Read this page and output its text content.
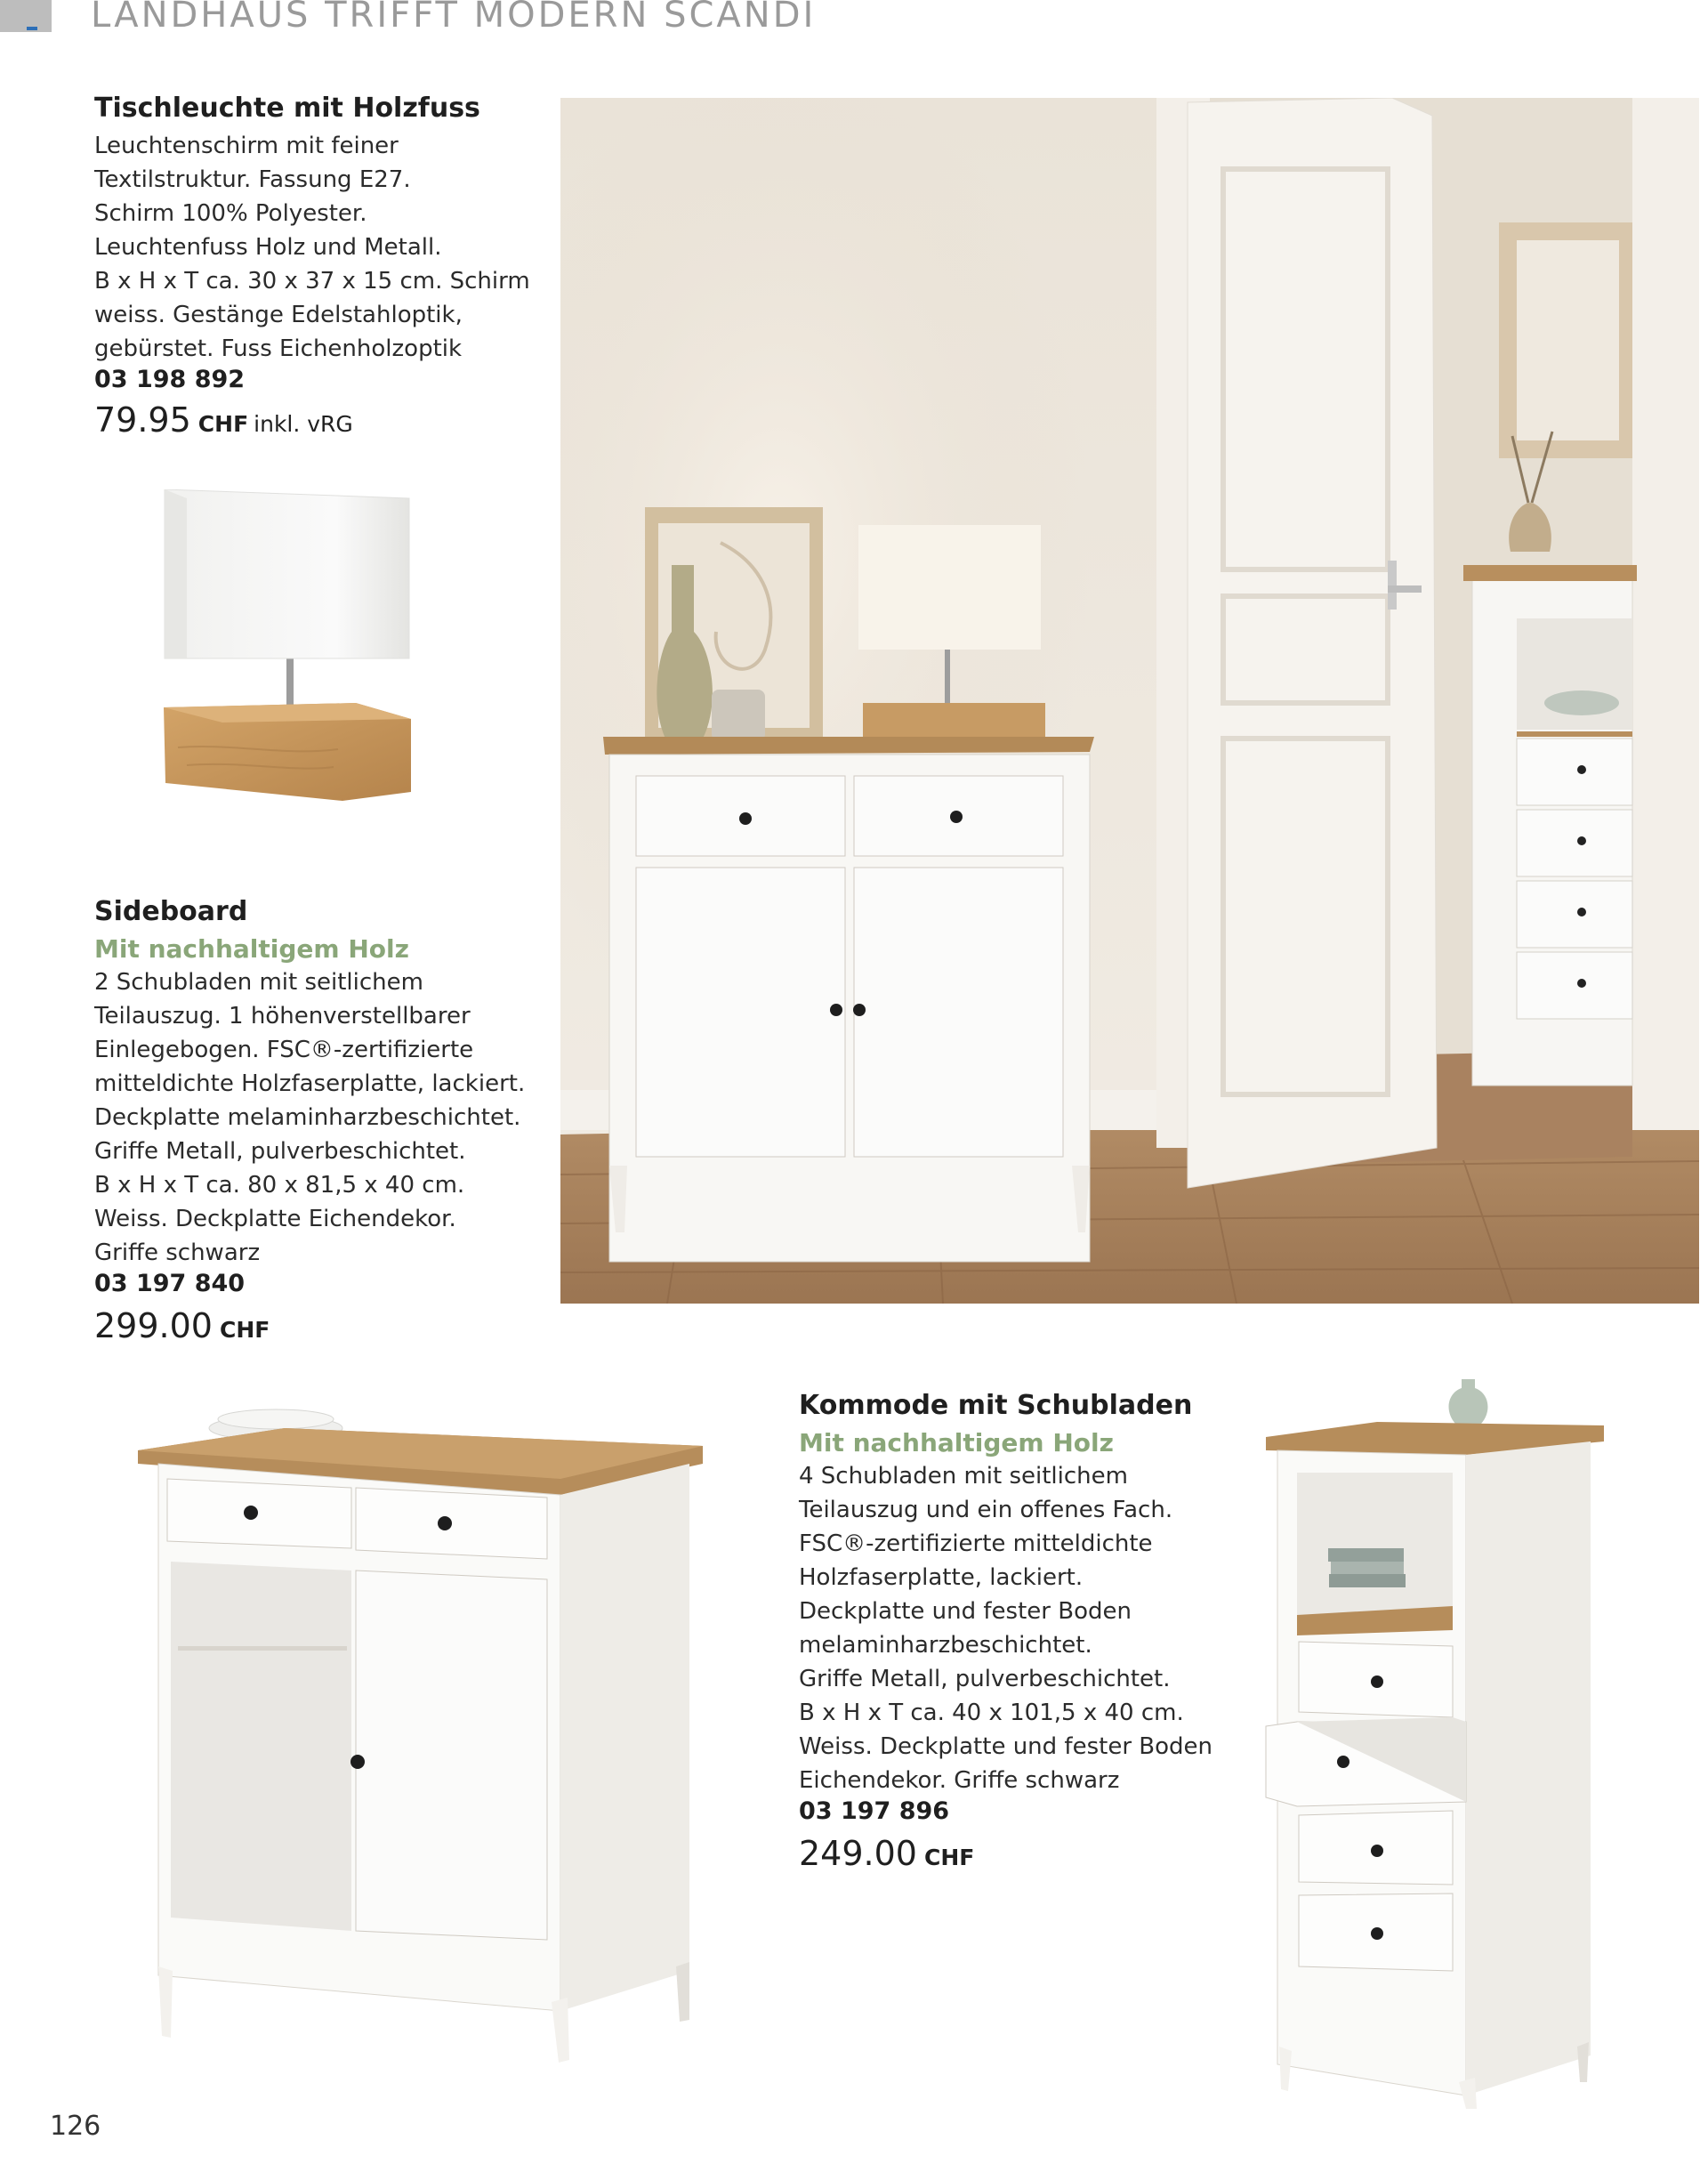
LANDHAUS TRIFFT MODERN SCANDI
Tischleuchte mit Holzfuss
Leuchtenschirm mit feiner
Textilstruktur. Fassung E27.
Schirm 100% Polyester.
Leuchtenfuss Holz und Metall.
B x H x T ca. 30 x 37 x 15 cm. Schirm
weiss. Gestänge Edelstahloptik,
gebürstet. Fuss Eichenholzoptik
03 198 892
79.95 CHF inkl. vRG
Sideboard
Mit nachhaltigem Holz
2 Schubladen mit seitlichem
Teilauszug. 1 höhenverstellbarer
Einlegebogen. FSC®-zertifizierte
mitteldichte Holzfaserplatte, lackiert.
Deckplatte melaminharzbeschichtet.
Griffe Metall, pulverbeschichtet.
B x H x T ca. 80 x 81,5 x 40 cm.
Weiss. Deckplatte Eichendekor.
Griffe schwarz
03 197 840
299.00 CHF
Kommode mit Schubladen
Mit nachhaltigem Holz
4 Schubladen mit seitlichem
Teilauszug und ein offenes Fach.
FSC®-zertifizierte mitteldichte
Holzfaserplatte, lackiert.
Deckplatte und fester Boden
melaminharzbeschichtet.
Griffe Metall, pulverbeschichtet.
B x H x T ca. 40 x 101,5 x 40 cm.
Weiss. Deckplatte und fester Boden
Eichendekor. Griffe schwarz
03 197 896
249.00 CHF
126
